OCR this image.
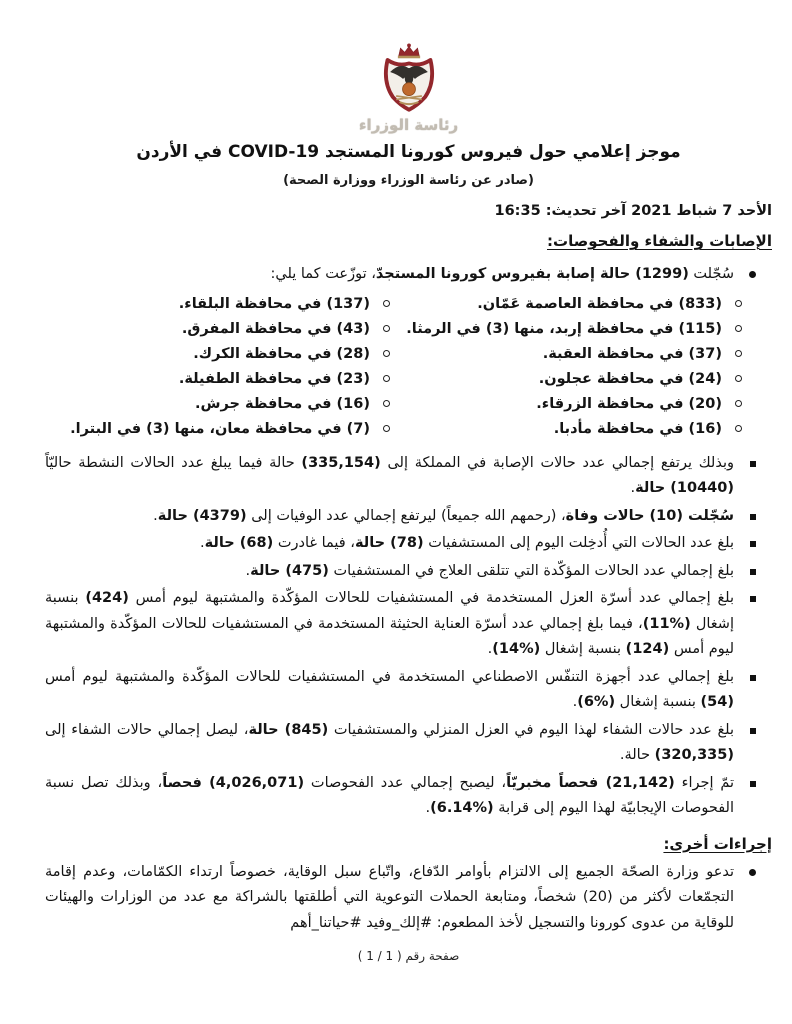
رئاسة الوزراء
موجز إعلامي حول فيروس كورونا المستجد ⁦COVID-19⁩ في الأردن
(صادر عن رئاسة الوزراء ووزارة الصحة)
الأحد 7 شباط 2021 آخر تحديث: 16:35
الإصابات والشفاء والفحوصات:
سُجّلت (1299) حالة إصابة بفيروس كورونا المستجدّ، توزّعت كما يلي:
(833) في محافظة العاصمة عَمّان.
(115) في محافظة إربد، منها (3) في الرمثا.
(37) في محافظة العقبة.
(24) في محافظة عجلون.
(20) في محافظة الزرقاء.
(16) في محافظة مأدبا.
(137) في محافظة البلقاء.
(43) في محافظة المفرق.
(28) في محافظة الكرك.
(23) في محافظة الطفيلة.
(16) في محافظة جرش.
(7) في محافظة معان، منها (3) في البترا.
وبذلك يرتفع إجمالي عدد حالات الإصابة في المملكة إلى (335,154) حالة فيما يبلغ عدد الحالات النشطة حاليّاً (10440) حالة.
سُجّلت (10) حالات وفاة، (رحمهم الله جميعاً) ليرتفع إجمالي عدد الوفيات إلى (4379) حالة.
بلغ عدد الحالات التي أُدخِلت اليوم إلى المستشفيات (78) حالة، فيما غادرت (68) حالة.
بلغ إجمالي عدد الحالات المؤكّدة التي تتلقى العلاج في المستشفيات (475) حالة.
بلغ إجمالي عدد أسرّة العزل المستخدمة في المستشفيات للحالات المؤكّدة والمشتبهة ليوم أمس (424) بنسبة إشغال (%11)، فيما بلغ إجمالي عدد أسرّة العناية الحثيثة المستخدمة في المستشفيات للحالات المؤكّدة والمشتبهة ليوم أمس (124) بنسبة إشغال (%14).
بلغ إجمالي عدد أجهزة التنفّس الاصطناعي المستخدمة في المستشفيات للحالات المؤكّدة والمشتبهة ليوم أمس (54) بنسبة إشغال (%6).
بلغ عدد حالات الشفاء لهذا اليوم في العزل المنزلي والمستشفيات (845) حالة، ليصل إجمالي حالات الشفاء إلى (320,335) حالة.
تمّ إجراء (21,142) فحصاً مخبريّاً، ليصبح إجمالي عدد الفحوصات (4,026,071) فحصاً، وبذلك تصل نسبة الفحوصات الإيجابيّة لهذا اليوم إلى قرابة (%6.14).
إجراءات أخرى:
تدعو وزارة الصحّة الجميع إلى الالتزام بأوامر الدّفاع، واتّباع سبل الوقاية، خصوصاً ارتداء الكمّامات، وعدم إقامة التجمّعات لأكثر من (20) شخصاً، ومتابعة الحملات التوعوية التي أطلقتها بالشراكة مع عدد من الوزارات والهيئات للوقاية من عدوى كورونا والتسجيل لأخذ المطعوم: #إلك_وفيد #حياتنا_أهم
صفحة رقم ( 1 / 1 )
